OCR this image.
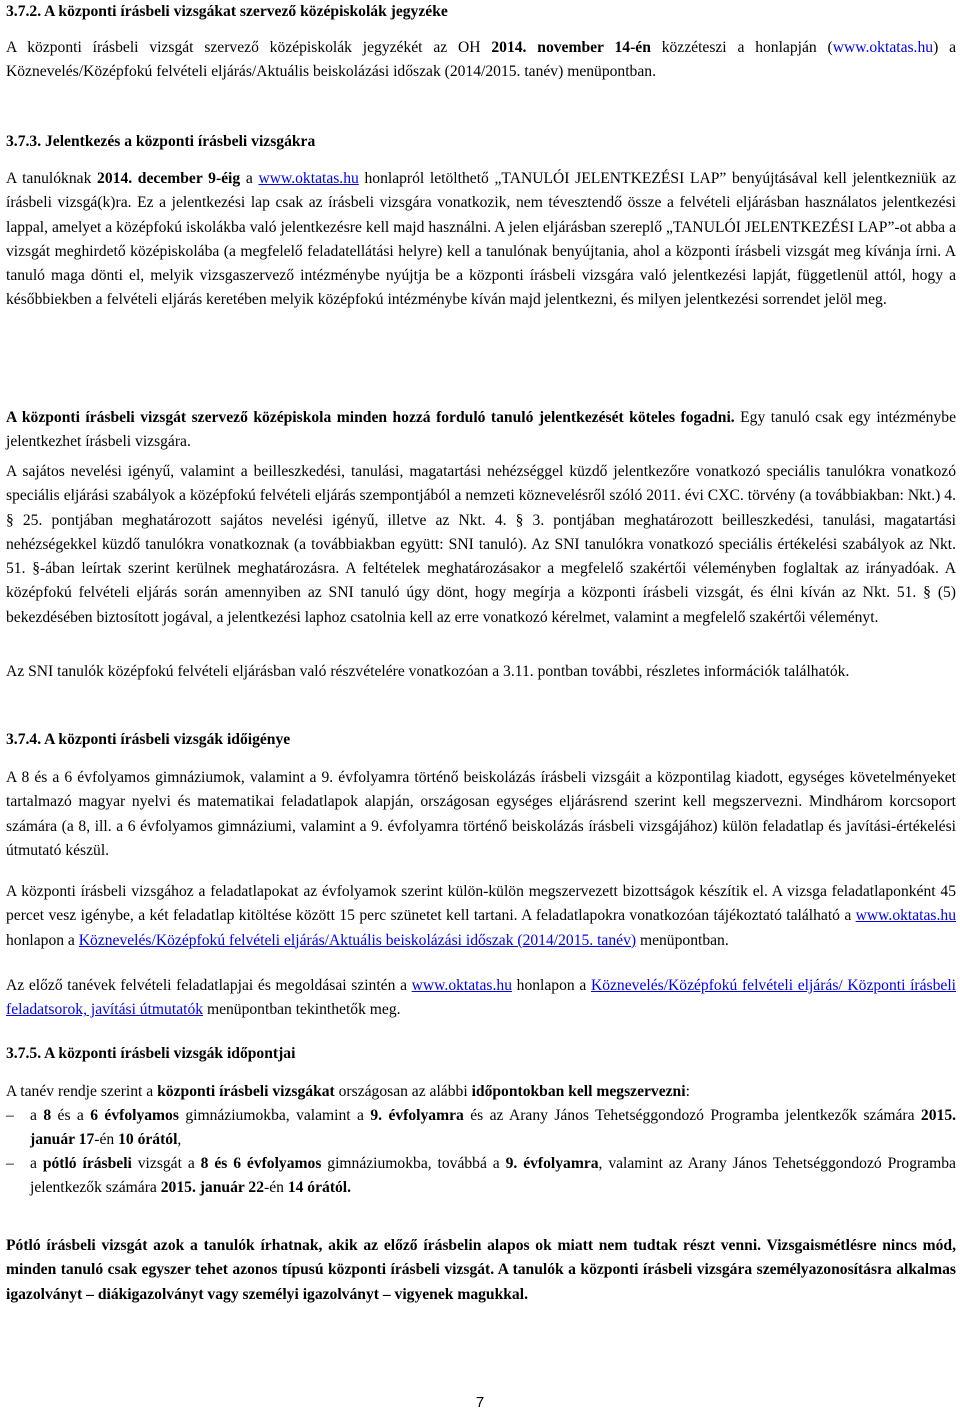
3.7.2. A központi írásbeli vizsgákat szervező középiskolák jegyzéke
A központi írásbeli vizsgát szervező középiskolák jegyzékét az OH 2014. november 14-én közzéteszi a honlapján (www.oktatas.hu) a Köznevelés/Középfokú felvételi eljárás/Aktuális beiskolázási időszak (2014/2015. tanév) menüpontban.
3.7.3. Jelentkezés a központi írásbeli vizsgákra
A tanulóknak 2014. december 9-éig a www.oktatas.hu honlapról letölthető „TANULÓI JELENTKEZÉSI LAP” benyújtásával kell jelentkezniük az írásbeli vizsgá(k)ra. Ez a jelentkezési lap csak az írásbeli vizsgára vonatkozik, nem tévesztendő össze a felvételi eljárásban használatos jelentkezési lappal, amelyet a középfokú iskolákba való jelentkezésre kell majd használni. A jelen eljárásban szereplő „TANULÓI JELENTKEZÉSI LAP”-ot abba a vizsgát meghirdető középiskolába (a megfelelő feladatellátási helyre) kell a tanulónak benyújtania, ahol a központi írásbeli vizsgát meg kívánja írni. A tanuló maga dönti el, melyik vizsgaszervező intézménybe nyújtja be a központi írásbeli vizsgára való jelentkezési lapját, függetlenül attól, hogy a későbbiekben a felvételi eljárás keretében melyik középfokú intézménybe kíván majd jelentkezni, és milyen jelentkezési sorrendet jelöl meg.
A központi írásbeli vizsgát szervező középiskola minden hozzá forduló tanuló jelentkezését köteles fogadni. Egy tanuló csak egy intézménybe jelentkezhet írásbeli vizsgára.
A sajátos nevelési igényű, valamint a beilleszkedési, tanulási, magatartási nehézséggel küzdő jelentkezőre vonatkozó speciális tanulókra vonatkozó speciális eljárási szabályok a középfokú felvételi eljárás szempontjából a nemzeti köznevelésről szóló 2011. évi CXC. törvény (a továbbiakban: Nkt.) 4. § 25. pontjában meghatározott sajátos nevelési igényű, illetve az Nkt. 4. § 3. pontjában meghatározott beilleszkedési, tanulási, magatartási nehézségekkel küzdő tanulókra vonatkoznak (a továbbiakban együtt: SNI tanuló). Az SNI tanulókra vonatkozó speciális értékelési szabályok az Nkt. 51. §-ában leírtak szerint kerülnek meghatározásra. A feltételek meghatározásakor a megfelelő szakértői véleményben foglaltak az irányadóak. A középfokú felvételi eljárás során amennyiben az SNI tanuló úgy dönt, hogy megírja a központi írásbeli vizsgát, és élni kíván az Nkt. 51. § (5) bekezdésében biztosított jogával, a jelentkezési laphoz csatolnia kell az erre vonatkozó kérelmet, valamint a megfelelő szakértői véleményt.
Az SNI tanulók középfokú felvételi eljárásban való részvételére vonatkozóan a 3.11. pontban további, részletes információk találhatók.
3.7.4. A központi írásbeli vizsgák időigénye
A 8 és a 6 évfolyamos gimnáziumok, valamint a 9. évfolyamra történő beiskolázás írásbeli vizsgáit a központilag kiadott, egységes követelményeket tartalmazó magyar nyelvi és matematikai feladatlapok alapján, országosan egységes eljárásrend szerint kell megszervezni. Mindhárom korcsoport számára (a 8, ill. a 6 évfolyamos gimnáziumi, valamint a 9. évfolyamra történő beiskolázás írásbeli vizsgájához) külön feladatlap és javítási-értékelési útmutató készül.
A központi írásbeli vizsgához a feladatlapokat az évfolyamok szerint külön-külön megszervezett bizottságok készítik el. A vizsga feladatlaponként 45 percet vesz igénybe, a két feladatlap kitöltése között 15 perc szünetet kell tartani. A feladatlapokra vonatkozóan tájékoztató található a www.oktatas.hu honlapon a Köznevelés/Középfokú felvételi eljárás/Aktuális beiskolázási időszak (2014/2015. tanév) menüpontban.
Az előző tanévek felvételi feladatlapjai és megoldásai szintén a www.oktatas.hu honlapon a Köznevelés/Középfokú felvételi eljárás/ Központi írásbeli feladatsorok, javítási útmutatók menüpontban tekinthetők meg.
3.7.5. A központi írásbeli vizsgák időpontjai
A tanév rendje szerint a központi írásbeli vizsgákat országosan az alábbi időpontokban kell megszervezni:
–	a 8 és a 6 évfolyamos gimnáziumokba, valamint a 9. évfolyamra és az Arany János Tehetséggondozó Programba jelentkezők számára 2015. január 17-én 10 órától,
–	a pótló írásbeli vizsgát a 8 és 6 évfolyamos gimnáziumokba, továbbá a 9. évfolyamra, valamint az Arany János Tehetséggondozó Programba jelentkezők számára 2015. január 22-én 14 órától.
Pótló írásbeli vizsgát azok a tanulók írhatnak, akik az előző írásbelin alapos ok miatt nem tudtak részt venni. Vizsgaismétlésre nincs mód, minden tanuló csak egyszer tehet azonos típusú központi írásbeli vizsgát. A tanulók a központi írásbeli vizsgára személyazonosításra alkalmas igazolványt – diákigazolványt vagy személyi igazolványt – vigyenek magukkal.
7
